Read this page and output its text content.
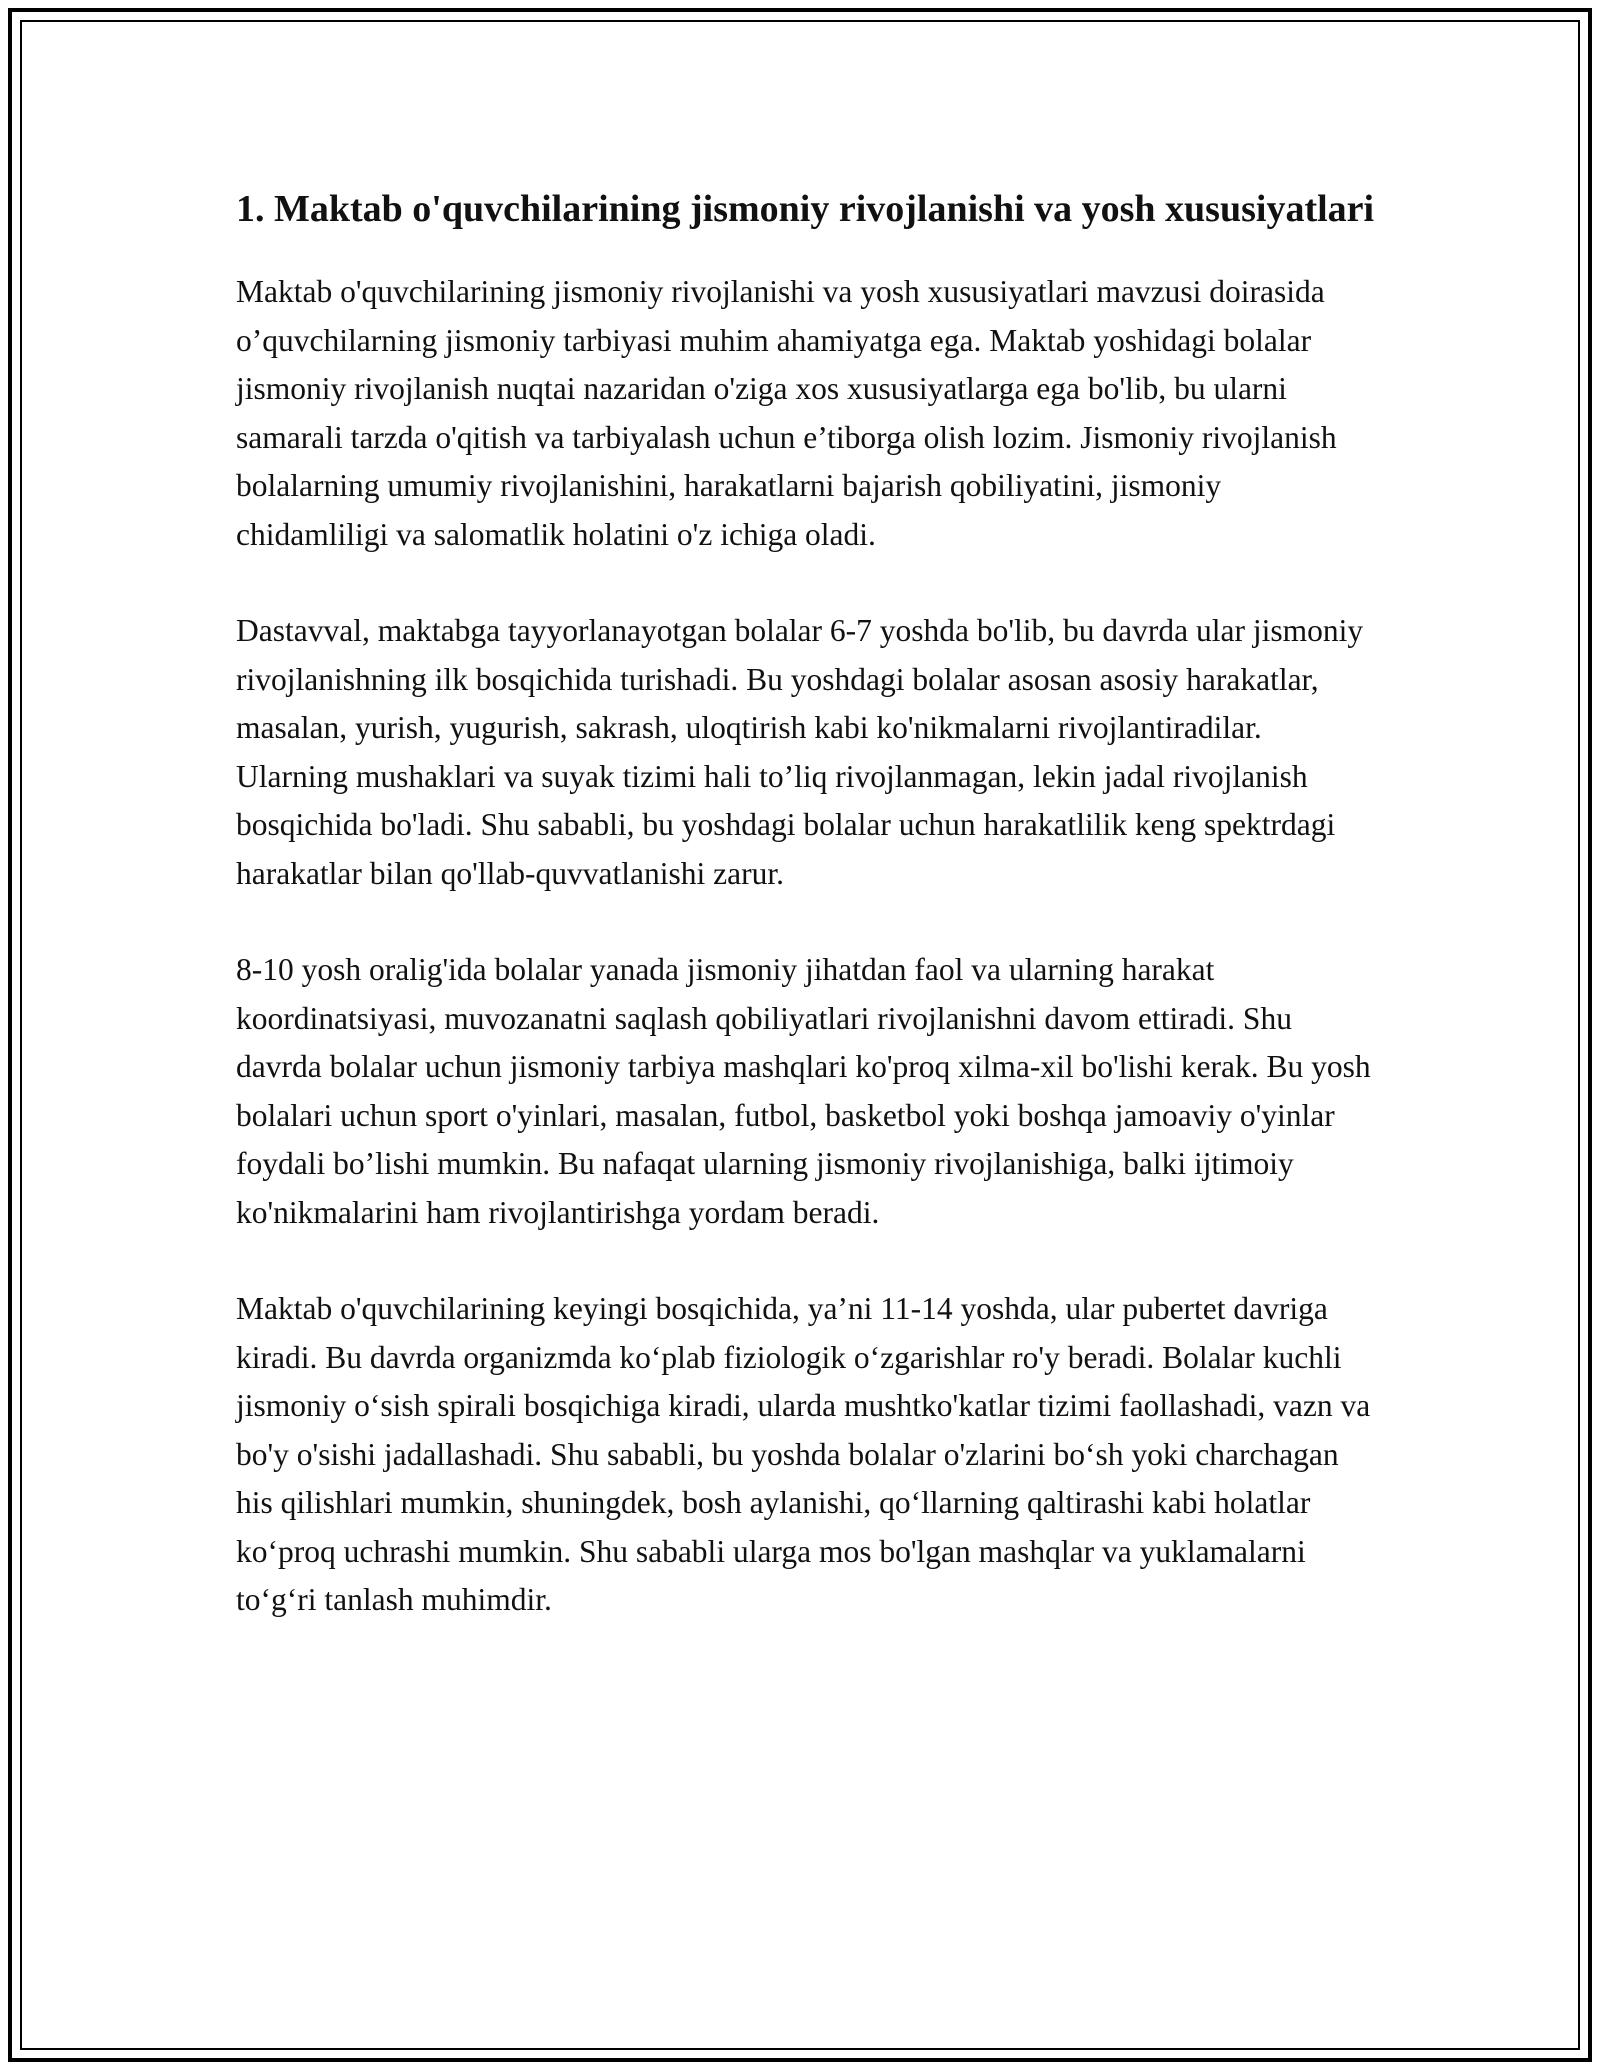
1. Maktab o'quvchilarining jismoniy rivojlanishi va yosh xususiyatlari

Maktab o'quvchilarining jismoniy rivojlanishi va yosh xususiyatlari mavzusi doirasida o’quvchilarning jismoniy tarbiyasi muhim ahamiyatga ega. Maktab yoshidagi bolalar jismoniy rivojlanish nuqtai nazaridan o'ziga xos xususiyatlarga ega bo'lib, bu ularni samarali tarzda o'qitish va tarbiyalash uchun e’tiborga olish lozim. Jismoniy rivojlanish bolalarning umumiy rivojlanishini, harakatlarni bajarish qobiliyatini, jismoniy chidamliligi va salomatlik holatini o'z ichiga oladi.

Dastavval, maktabga tayyorlanayotgan bolalar 6-7 yoshda bo'lib, bu davrda ular jismoniy rivojlanishning ilk bosqichida turishadi. Bu yoshdagi bolalar asosan asosiy harakatlar, masalan, yurish, yugurish, sakrash, uloqtirish kabi ko'nikmalarni rivojlantiradilar. Ularning mushaklari va suyak tizimi hali to’liq rivojlanmagan, lekin jadal rivojlanish bosqichida bo'ladi. Shu sababli, bu yoshdagi bolalar uchun harakatlilik keng spektrdagi harakatlar bilan qo'llab-quvvatlanishi zarur.

8-10 yosh oralig'ida bolalar yanada jismoniy jihatdan faol va ularning harakat koordinatsiyasi, muvozanatni saqlash qobiliyatlari rivojlanishni davom ettiradi. Shu davrda bolalar uchun jismoniy tarbiya mashqlari ko'proq xilma-xil bo'lishi kerak. Bu yosh bolalari uchun sport o'yinlari, masalan, futbol, basketbol yoki boshqa jamoaviy o'yinlar foydali bo’lishi mumkin. Bu nafaqat ularning jismoniy rivojlanishiga, balki ijtimoiy ko'nikmalarini ham rivojlantirishga yordam beradi.

Maktab o'quvchilarining keyingi bosqichida, ya’ni 11-14 yoshda, ular pubertet davriga kiradi. Bu davrda organizmda ko‘plab fiziologik o‘zgarishlar ro'y beradi. Bolalar kuchli jismoniy o‘sish spirali bosqichiga kiradi, ularda mushtko'katlar tizimi faollashadi, vazn va bo'y o'sishi jadallashadi. Shu sababli, bu yoshda bolalar o'zlarini bo‘sh yoki charchagan his qilishlari mumkin, shuningdek, bosh aylanishi, qo‘llarning qaltirashi kabi holatlar ko‘proq uchrashi mumkin. Shu sababli ularga mos bo'lgan mashqlar va yuklamalarni to‘g‘ri tanlash muhimdir.
